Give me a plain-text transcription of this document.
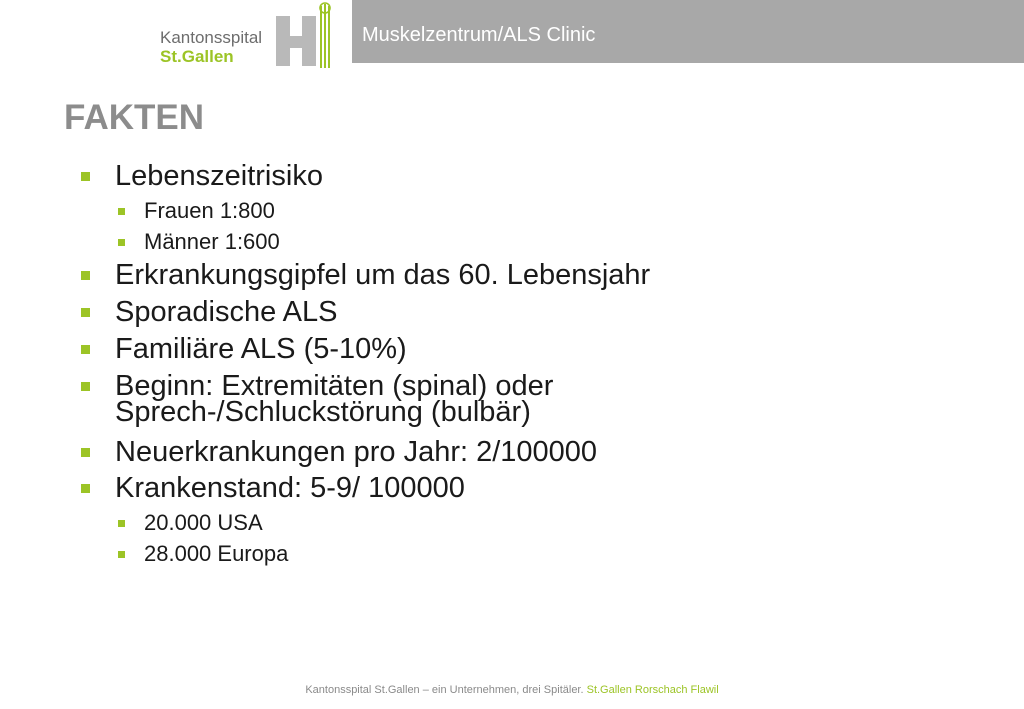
Kantonsspital
St.Gallen
Muskelzentrum/ALS Clinic
FAKTEN
Lebenszeitrisiko
Frauen 1:800
Männer 1:600
Erkrankungsgipfel um das 60. Lebensjahr
Sporadische ALS
Familiäre ALS (5-10%)
Beginn: Extremitäten (spinal) oder Sprech-/Schluckstörung (bulbär)
Neuerkrankungen pro Jahr: 2/100000
Krankenstand: 5-9/ 100000
20.000 USA
28.000 Europa
Kantonsspital St.Gallen – ein Unternehmen, drei Spitäler. St.Gallen Rorschach Flawil
